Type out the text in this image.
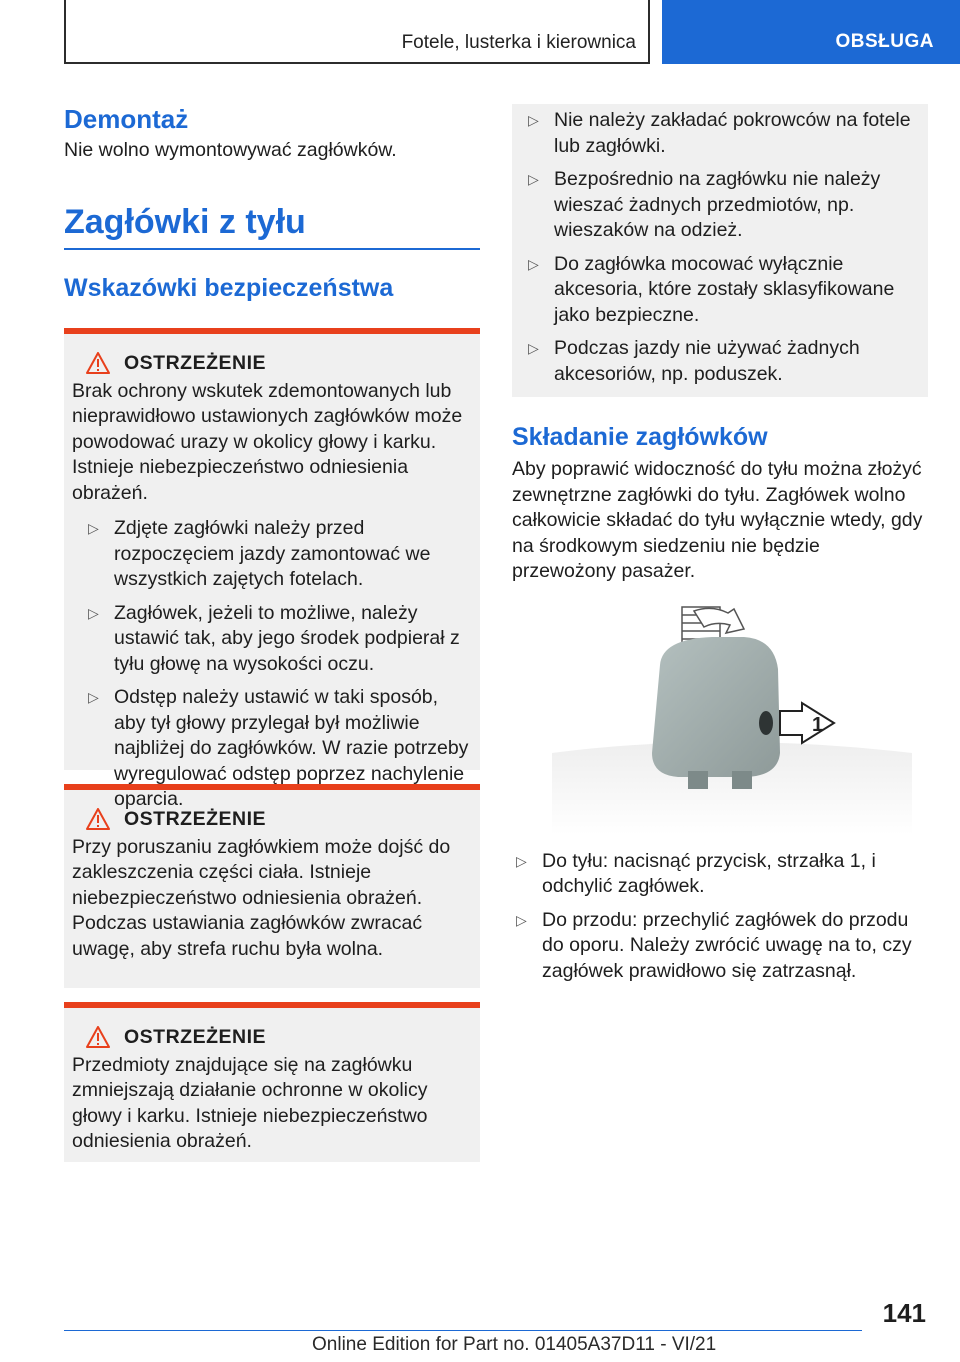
Fotele, lusterka i kierownica	OBSŁUGA
Demontaż

Nie wolno wymontowywać zagłówków.

Zagłówki z tyłu
Wskazówki bezpieczeństwa
OSTRZEŻENIE

Brak ochrony wskutek zdemontowanych lub nieprawidłowo ustawionych zagłówków może powodować urazy w okolicy głowy i karku. Istnieje niebezpieczeństwo odniesienia obrażeń.

▷ Zdjęte zagłówki należy przed rozpoczęciem jazdy zamontować we wszystkich zajętych fotelach.
▷ Zagłówek, jeżeli to możliwe, należy ustawić tak, aby jego środek podpierał z tyłu głowę na wysokości oczu.
▷ Odstęp należy ustawić w taki sposób, aby tył głowy przylegał był możliwie najbliżej do zagłówków. W razie potrzeby wyregulować odstęp poprzez nachylenie oparcia.
OSTRZEŻENIE

Przy poruszaniu zagłówkiem może dojść do zakleszczenia części ciała. Istnieje niebezpieczeństwo odniesienia obrażeń. Podczas ustawiania zagłówków zwracać uwagę, aby strefa ruchu była wolna.

OSTRZEŻENIE

Przedmioty znajdujące się na zagłówku zmniejszają działanie ochronne w okolicy głowy i karku. Istnieje niebezpieczeństwo odniesienia obrażeń.

▷ Nie należy zakładać pokrowców na fotele lub zagłówki.
▷ Bezpośrednio na zagłówku nie należy wieszać żadnych przedmiotów, np. wieszaków na odzież.
▷ Do zagłówka mocować wyłącznie akcesoria, które zostały sklasyfikowane jako bezpieczne.
▷ Podczas jazdy nie używać żadnych akcesoriów, np. poduszek.
Składanie zagłówków

Aby poprawić widoczność do tyłu można złożyć zewnętrzne zagłówki do tyłu. Zagłówek wolno całkowicie składać do tyłu wyłącznie wtedy, gdy na środkowym siedzeniu nie będzie przewożony pasażer.

1
▷ Do tyłu: nacisnąć przycisk, strzałka 1, i odchylić zagłówek.
▷ Do przodu: przechylić zagłówek do przodu do oporu. Należy zwrócić uwagę na to, czy zagłówek prawidłowo się zatrzasnął.
141
Online Edition for Part no. 01405A37D11 - VI/21
